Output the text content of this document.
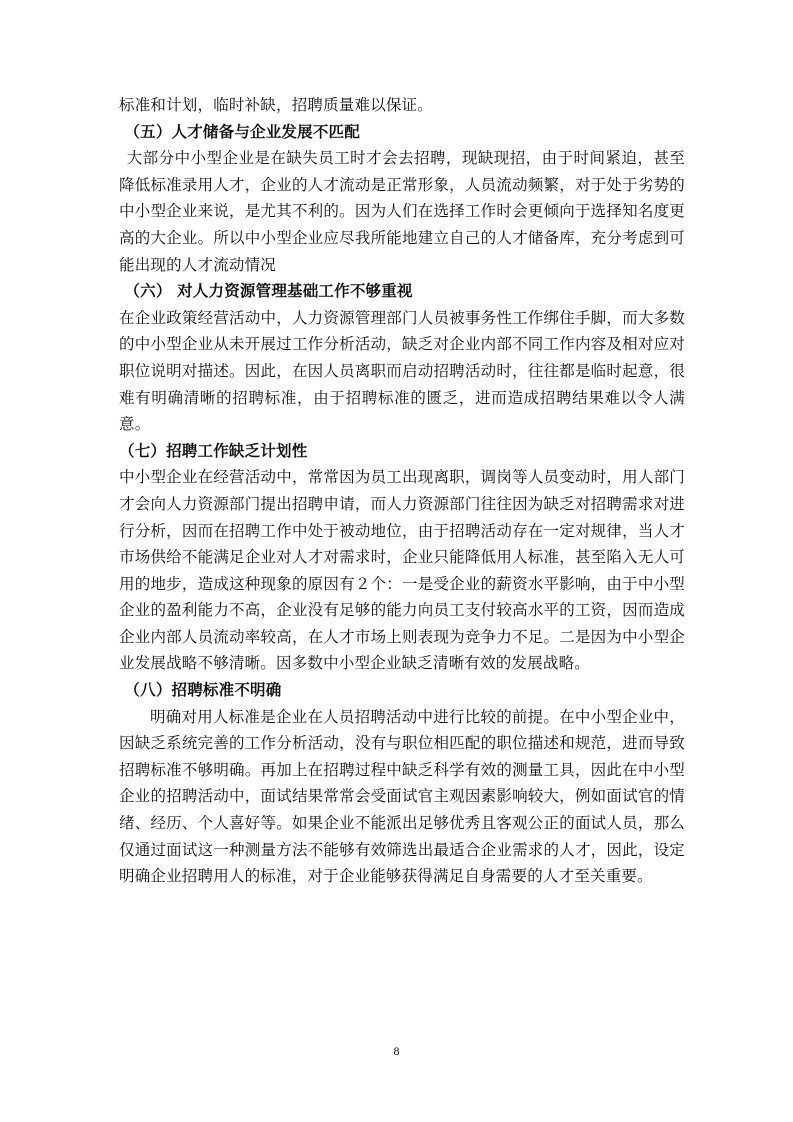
标准和计划，临时补缺，招聘质量难以保证。

（五）人才储备与企业发展不匹配

大部分中小型企业是在缺失员工时才会去招聘，现缺现招，由于时间紧迫，甚至降低标准录用人才，企业的人才流动是正常形象，人员流动频繁，对于处于劣势的中小型企业来说，是尤其不利的。因为人们在选择工作时会更倾向于选择知名度更高的大企业。所以中小型企业应尽我所能地建立自己的人才储备库，充分考虑到可能出现的人才流动情况

（六） 对人力资源管理基础工作不够重视

在企业政策经营活动中，人力资源管理部门人员被事务性工作绑住手脚，而大多数的中小型企业从未开展过工作分析活动，缺乏对企业内部不同工作内容及相对应对职位说明对描述。因此，在因人员离职而启动招聘活动时，往往都是临时起意，很难有明确清晰的招聘标准，由于招聘标准的匮乏，进而造成招聘结果难以令人满意。

（七）招聘工作缺乏计划性

中小型企业在经营活动中，常常因为员工出现离职，调岗等人员变动时，用人部门才会向人力资源部门提出招聘申请，而人力资源部门往往因为缺乏对招聘需求对进行分析，因而在招聘工作中处于被动地位，由于招聘活动存在一定对规律，当人才市场供给不能满足企业对人才对需求时，企业只能降低用人标准，甚至陷入无人可用的地步，造成这种现象的原因有２个：一是受企业的薪资水平影响，由于中小型企业的盈利能力不高，企业没有足够的能力向员工支付较高水平的工资，因而造成企业内部人员流动率较高，在人才市场上则表现为竞争力不足。二是因为中小型企业发展战略不够清晰。因多数中小型企业缺乏清晰有效的发展战略。

（八）招聘标准不明确

明确对用人标准是企业在人员招聘活动中进行比较的前提。在中小型企业中，因缺乏系统完善的工作分析活动，没有与职位相匹配的职位描述和规范，进而导致招聘标准不够明确。再加上在招聘过程中缺乏科学有效的测量工具，因此在中小型企业的招聘活动中，面试结果常常会受面试官主观因素影响较大，例如面试官的情绪、经历、个人喜好等。如果企业不能派出足够优秀且客观公正的面试人员，那么仅通过面试这一种测量方法不能够有效筛选出最适合企业需求的人才，因此，设定明确企业招聘用人的标准，对于企业能够获得满足自身需要的人才至关重要。

8
